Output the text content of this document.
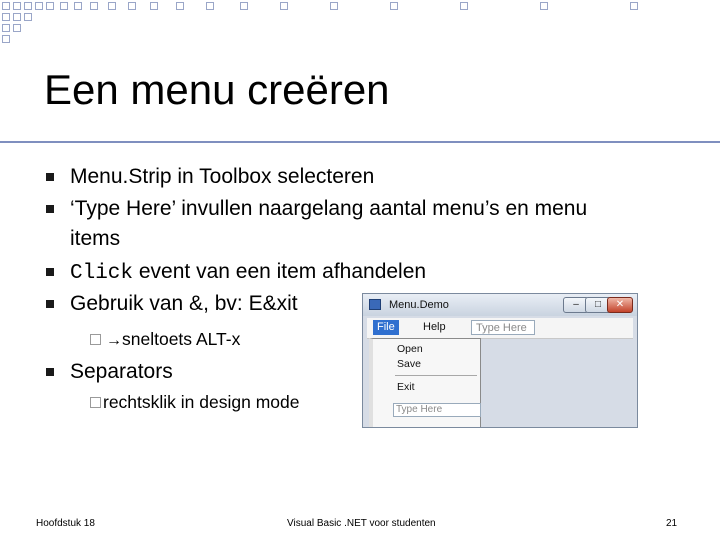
Een menu creëren
Menu.Strip in Toolbox selecteren
‘Type Here’ invullen naargelang aantal menu’s en menu
items
Click event van een item afhandelen
Gebruik van &, bv: E&xit
→sneltoets ALT-x
Separators
rechtsklik in design mode
Menu.Demo	–	□	✕
File	Help	Type Here
Open
Save
Exit
Type Here
Hoofdstuk 18	Visual Basic .NET voor studenten	21
